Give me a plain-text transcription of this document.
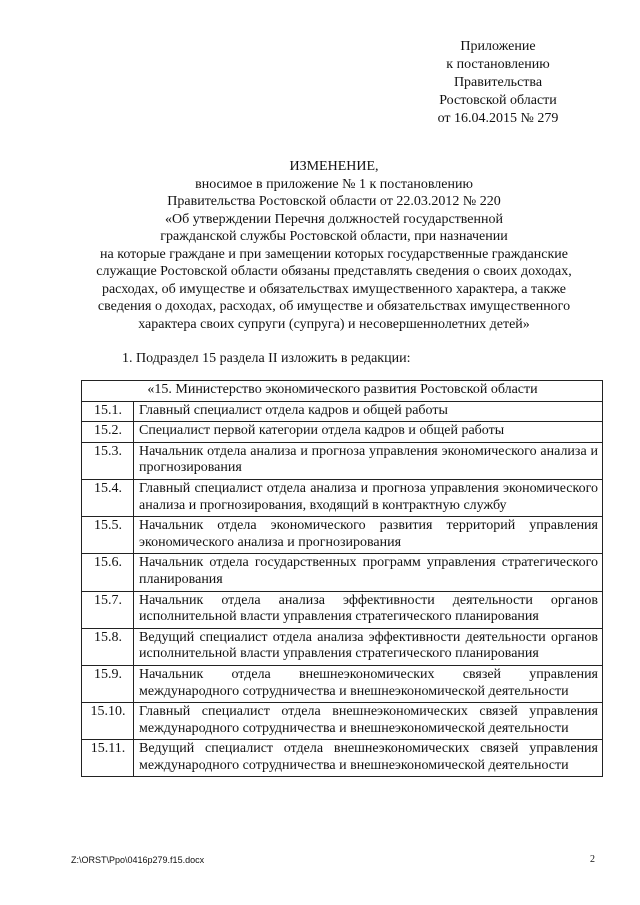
Приложение
к постановлению
Правительства
Ростовской области
от 16.04.2015 № 279
ИЗМЕНЕНИЕ,
вносимое в приложение № 1 к постановлению
Правительства Ростовской области от 22.03.2012 № 220
«Об утверждении Перечня должностей государственной
гражданской службы Ростовской области, при назначении
на которые граждане и при замещении которых государственные гражданские
служащие Ростовской области обязаны представлять сведения о своих доходах,
расходах, об имуществе и обязательствах имущественного характера, а также
сведения о доходах, расходах, об имуществе и обязательствах имущественного
характера своих супруги (супруга) и несовершеннолетних детей»
1. Подраздел 15 раздела II изложить в редакции:
«15. Министерство экономического развития Ростовской области	
15.1.	Главный специалист отдела кадров и общей работы
15.2.	Специалист первой категории отдела кадров и общей работы
15.3.	Начальник отдела анализа и прогноза управления экономического анализа и прогнозирования
15.4.	Главный специалист отдела анализа и прогноза управления экономического анализа и прогнозирования, входящий в контрактную службу
15.5.	Начальник отдела экономического развития территорий управления экономического анализа и прогнозирования
15.6.	Начальник отдела государственных программ управления стратегического планирования
15.7.	Начальник отдела анализа эффективности деятельности органов исполнительной власти управления стратегического планирования
15.8.	Ведущий специалист отдела анализа эффективности деятельности органов исполнительной власти управления стратегического планирования
15.9.	Начальник отдела внешнеэкономических связей управления международного сотрудничества и внешнеэкономической деятельности
15.10.	Главный специалист отдела внешнеэкономических связей управления международного сотрудничества и внешнеэкономической деятельности
15.11.	Ведущий специалист отдела внешнеэкономических связей управления международного сотрудничества и внешнеэкономической деятельности
Z:\ORST\Ppo\0416p279.f15.docx	2
